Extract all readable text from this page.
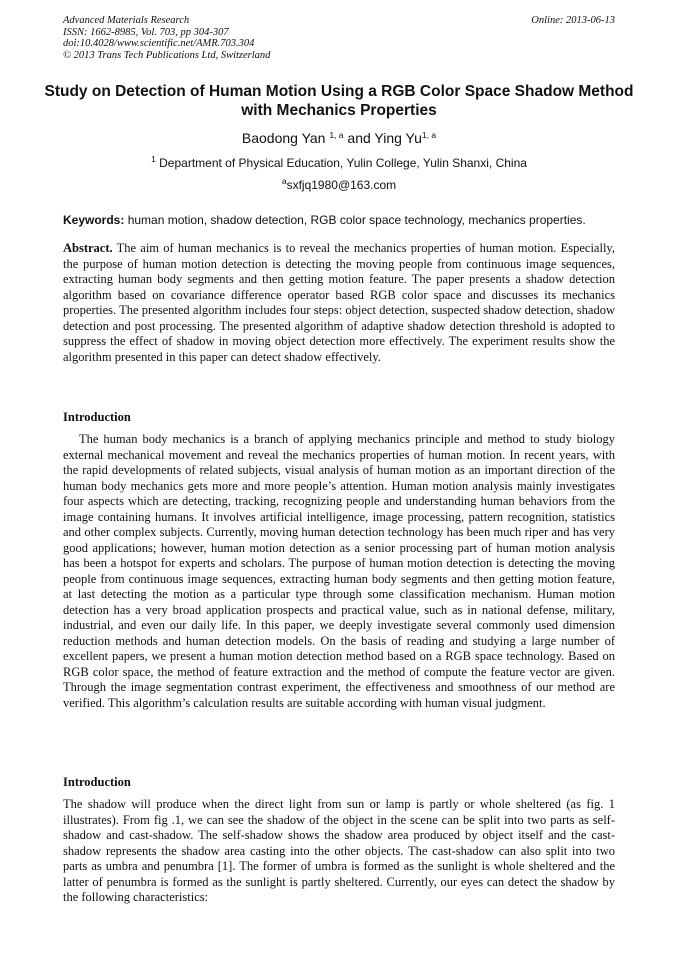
Advanced Materials Research
ISSN: 1662-8985, Vol. 703, pp 304-307
doi:10.4028/www.scientific.net/AMR.703.304
© 2013 Trans Tech Publications Ltd, Switzerland
Online: 2013-06-13
Study on Detection of Human Motion Using a RGB Color Space Shadow Method with Mechanics Properties
Baodong Yan $^{1, a}$ and Ying Yu$^{1, a}$
$^1$ Department of Physical Education, Yulin College, Yulin Shanxi, China
$^a$sxfjq1980@163.com
Keywords: human motion, shadow detection, RGB color space technology, mechanics properties.

Abstract. The aim of human mechanics is to reveal the mechanics properties of human motion. Especially, the purpose of human motion detection is detecting the moving people from continuous image sequences, extracting human body segments and then getting motion feature. The paper presents a shadow detection algorithm based on covariance difference operator based RGB color space and discusses its mechanics properties. The presented algorithm includes four steps: object detection, suspected shadow detection, shadow detection and post processing. The presented algorithm of adaptive shadow detection threshold is adopted to suppress the effect of shadow in moving object detection more effectively. The experiment results show the algorithm presented in this paper can detect shadow effectively.

Introduction

The human body mechanics is a branch of applying mechanics principle and method to study biology external mechanical movement and reveal the mechanics properties of human motion. In recent years, with the rapid developments of related subjects, visual analysis of human motion as an important direction of the human body mechanics gets more and more people’s attention. Human motion analysis mainly investigates four aspects which are detecting, tracking, recognizing people and understanding human behaviors from the image containing humans. It involves artificial intelligence, image processing, pattern recognition, statistics and other complex subjects. Currently, moving human detection technology has been much riper and has very good applications; however, human motion detection as a senior processing part of human motion analysis has been a hotspot for experts and scholars. The purpose of human motion detection is detecting the moving people from continuous image sequences, extracting human body segments and then getting motion feature, at last detecting the motion as a particular type through some classification mechanism. Human motion detection has a very broad application prospects and practical value, such as in national defense, military, industrial, and even our daily life. In this paper, we deeply investigate several commonly used dimension reduction methods and human detection models. On the basis of reading and studying a large number of excellent papers, we present a human motion detection method based on a RGB space technology. Based on RGB color space, the method of feature extraction and the method of compute the feature vector are given. Through the image segmentation contrast experiment, the effectiveness and smoothness of our method are verified. This algorithm’s calculation results are suitable according with human visual judgment.

Introduction

The shadow will produce when the direct light from sun or lamp is partly or whole sheltered (as fig. 1 illustrates). From fig .1, we can see the shadow of the object in the scene can be split into two parts as self-shadow and cast-shadow. The self-shadow shows the shadow area produced by object itself and the cast-shadow represents the shadow area casting into the other objects. The cast-shadow can also split into two parts as umbra and penumbra [1]. The former of umbra is formed as the sunlight is whole sheltered and the latter of penumbra is formed as the sunlight is partly sheltered. Currently, our eyes can detect the shadow by the following characteristics:
